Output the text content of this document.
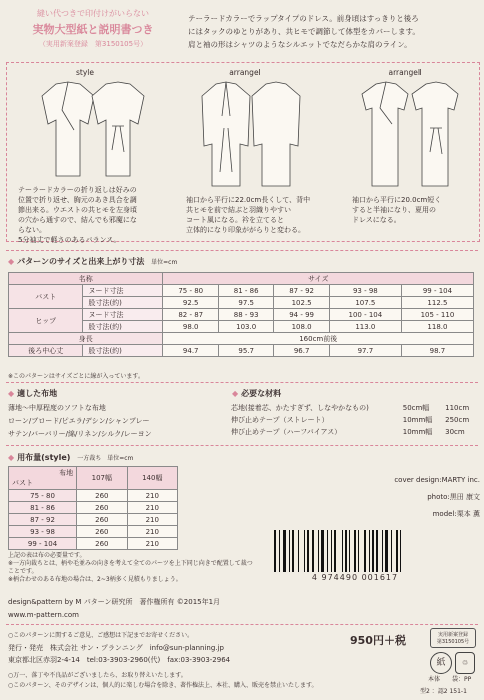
縫い代つきで印付けがいらない
実物大型紙と説明書つき
（実用新案登録　第3150105号）
テーラードカラーでラップタイプのドレス。前身頃はすっきりと後ろ
にはタックのゆとりがあり、共ヒモで調節して体型をカバーします。
肩と袖の形はシャツのようなシルエットでなだらかな肩のライン。
style
テーラードカラーの折り返しは好みの
位置で折り返せ、胸元のあき具合を調
節出来る。ウエストの共ヒモを左身頃
の穴から通すので、結んでも邪魔にな
らない。
5分袖丈で軽さのあるバランス。
arrangeⅠ
袖口から平行に22.0cm長くして、背中
共ヒモを前で結ぶと羽織りやすい
コート風になる。衿を立てると
立体的になり印象ががらりと変わる。
arrangeⅡ
袖口から平行に20.0cm短く
すると半袖になり、夏用の
ドレスになる。
◆ パターンのサイズと出来上がり寸法 単位=cm
名称		サイズ				
バスト	ヌード寸法	75 - 80	81 - 86	87 - 92	93 - 98	99 - 104
	股寸法(約)	92.5	97.5	102.5	107.5	112.5
ヒップ	ヌード寸法	82 - 87	88 - 93	94 - 99	100 - 104	105 - 110
	股寸法(約)	98.0	103.0	108.0	113.0	118.0
身長		160cm前後				
後ろ中心丈	股寸法(約)	94.7	95.7	96.7	97.7	98.7
※このパターンはサイズごとに線が入っています。
◆ 適した布地
薄地～中厚程度のソフトな布地
ローン/ブロード/ピエラ/デシン/シャンブレー
サテン/バーバリー/綿/リネン/シルク/レーヨン
◆ 必要な材料
芯地(接着芯、かたすぎず、しなやかなもの)	50cm幅	110cm
伸び止めテープ（ストレート）	10mm幅	250cm
伸び止めテープ（ハーフバイアス）	10mm幅	30cm
◆ 用布量(style) 一方裁ち　単位=cm
布地
バスト	107幅	140幅
75 - 80	260	210
81 - 86	260	210
87 - 92	260	210
93 - 98	260	210
99 - 104	260	210
上記の表は布の必要量です。
※一方向裁ちとは、柄や毛並みの向きを考えて全てのパーツを上下同じ向きで配置して裁つことです。
※柄合わせのある布地の場合は、2~3柄多く見積もりましょう。
cover design:MARTY inc.
photo:黒田 康文
model:栗本 薫
4 974490 001617
design&pattern by M パターン研究所　著作権所有 ©2015年1月
www.m-pattern.com
○このパターンに関するご意見、ご感想は下記までお寄せください。
発行・発売　株式会社 サン・プランニング　info@sun-planning.jp
東京都北区赤羽2-4-14　tel:03-3903-2960(代)　fax:03-3903-2964
○万一、落丁や不良品がございましたら、お取り替えいたします。
○このパターン、そのデザインは、個人的に楽しむ場合を除き、著作権法上、本社、購入、販売を禁止いたします。
950円＋税	実用新案登録
第3150105号
紙	♲
本体 袋：PP
型2 ：認2 151-1
